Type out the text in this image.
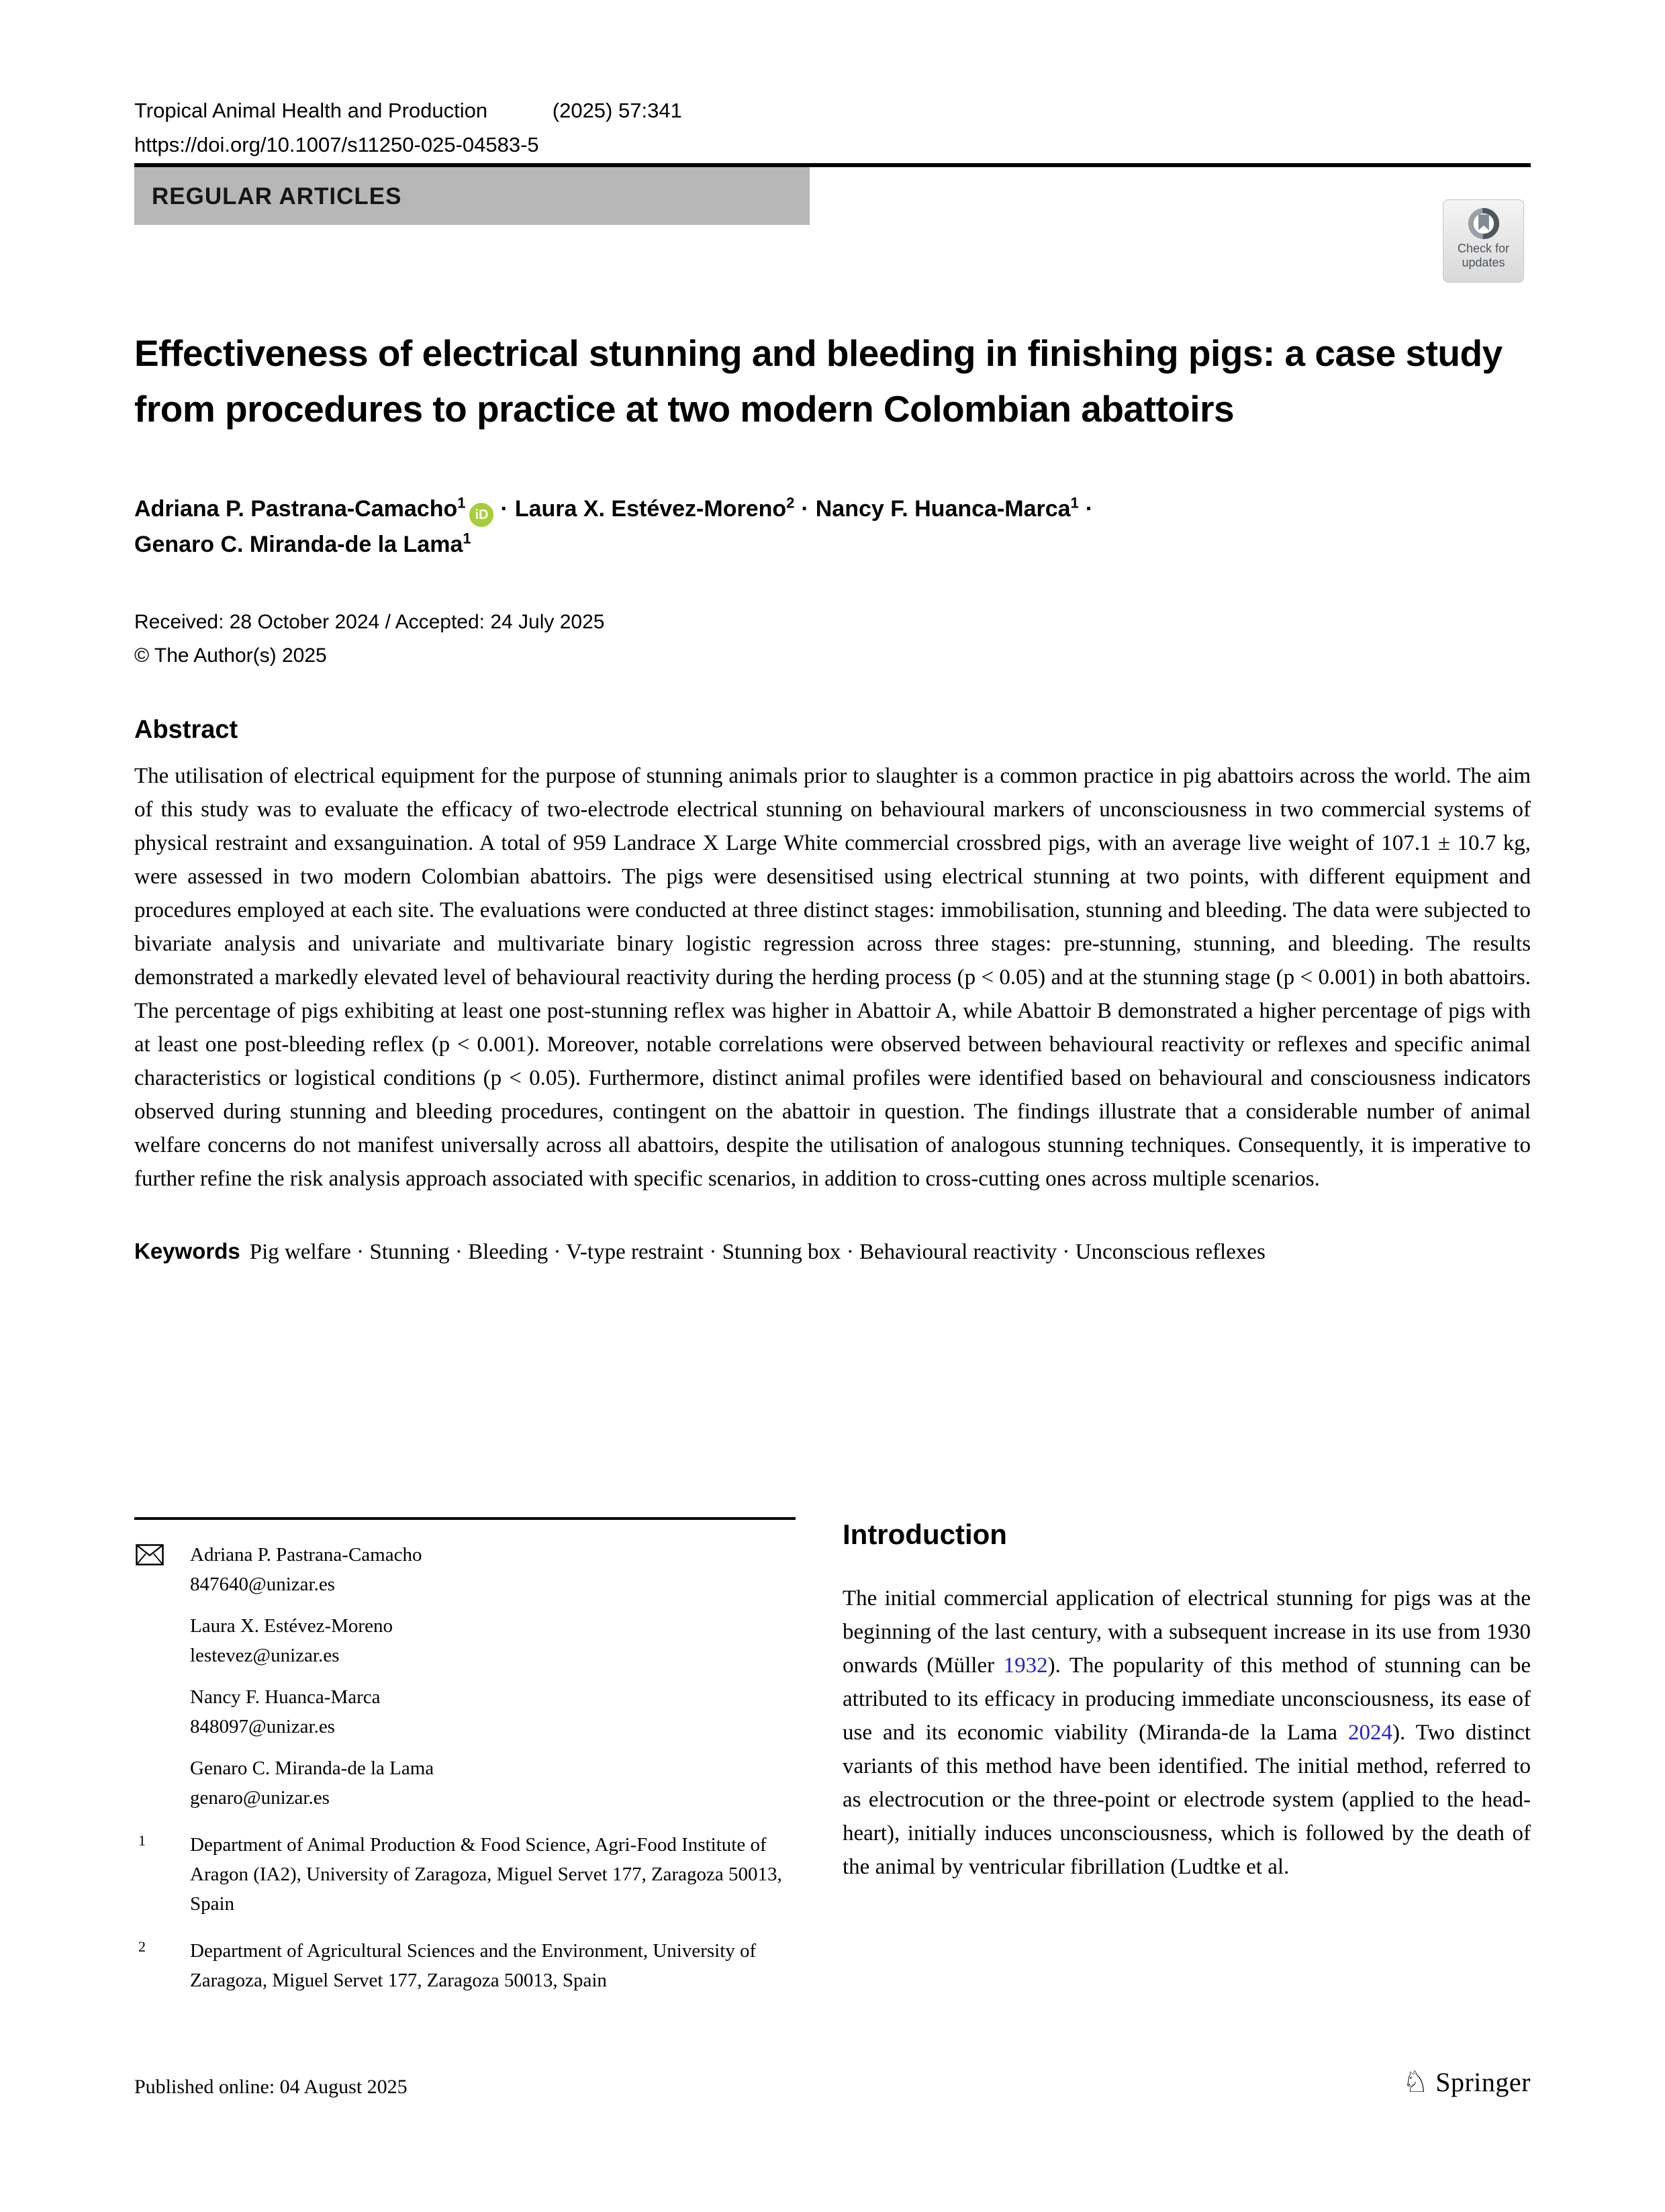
Tropical Animal Health and Production	(2025) 57:341
https://doi.org/10.1007/s11250-025-04583-5
REGULAR ARTICLES
Check for
updates
Effectiveness of electrical stunning and bleeding in finishing pigs: a case study from procedures to practice at two modern Colombian abattoirs
Adriana P. Pastrana-Camacho$^1$iD · Laura X. Estévez-Moreno$^2$ · Nancy F. Huanca-Marca$^1$ ·
Genaro C. Miranda-de la Lama$^1$
Received: 28 October 2024 / Accepted: 24 July 2025
© The Author(s) 2025
Abstract

The utilisation of electrical equipment for the purpose of stunning animals prior to slaughter is a common practice in pig abattoirs across the world. The aim of this study was to evaluate the efficacy of two-electrode electrical stunning on behavioural markers of unconsciousness in two commercial systems of physical restraint and exsanguination. A total of 959 Landrace X Large White commercial crossbred pigs, with an average live weight of 107.1 ± 10.7 kg, were assessed in two modern Colombian abattoirs. The pigs were desensitised using electrical stunning at two points, with different equipment and procedures employed at each site. The evaluations were conducted at three distinct stages: immobilisation, stunning and bleeding. The data were subjected to bivariate analysis and univariate and multivariate binary logistic regression across three stages: pre-stunning, stunning, and bleeding. The results demonstrated a markedly elevated level of behavioural reactivity during the herding process (p < 0.05) and at the stunning stage (p < 0.001) in both abattoirs. The percentage of pigs exhibiting at least one post-stunning reflex was higher in Abattoir A, while Abattoir B demonstrated a higher percentage of pigs with at least one post-bleeding reflex (p < 0.001). Moreover, notable correlations were observed between behavioural reactivity or reflexes and specific animal characteristics or logistical conditions (p < 0.05). Furthermore, distinct animal profiles were identified based on behavioural and consciousness indicators observed during stunning and bleeding procedures, contingent on the abattoir in question. The findings illustrate that a considerable number of animal welfare concerns do not manifest universally across all abattoirs, despite the utilisation of analogous stunning techniques. Consequently, it is imperative to further refine the risk analysis approach associated with specific scenarios, in addition to cross-cutting ones across multiple scenarios.

Keywords Pig welfare · Stunning · Bleeding · V-type restraint · Stunning box · Behavioural reactivity · Unconscious reflexes

Adriana P. Pastrana-Camacho
847640@unizar.es
Laura X. Estévez-Moreno
lestevez@unizar.es
Nancy F. Huanca-Marca
848097@unizar.es
Genaro C. Miranda-de la Lama
genaro@unizar.es
1 Department of Animal Production & Food Science, Agri-Food Institute of Aragon (IA2), University of Zaragoza, Miguel Servet 177, Zaragoza 50013, Spain
2 Department of Agricultural Sciences and the Environment, University of Zaragoza, Miguel Servet 177, Zaragoza 50013, Spain
Introduction

The initial commercial application of electrical stunning for pigs was at the beginning of the last century, with a subsequent increase in its use from 1930 onwards (Müller 1932). The popularity of this method of stunning can be attributed to its efficacy in producing immediate unconsciousness, its ease of use and its economic viability (Miranda-de la Lama 2024). Two distinct variants of this method have been identified. The initial method, referred to as electrocution or the three-point or electrode system (applied to the head-heart), initially induces unconsciousness, which is followed by the death of the animal by ventricular fibrillation (Ludtke et al.

Published online: 04 August 2025	♘ Springer
